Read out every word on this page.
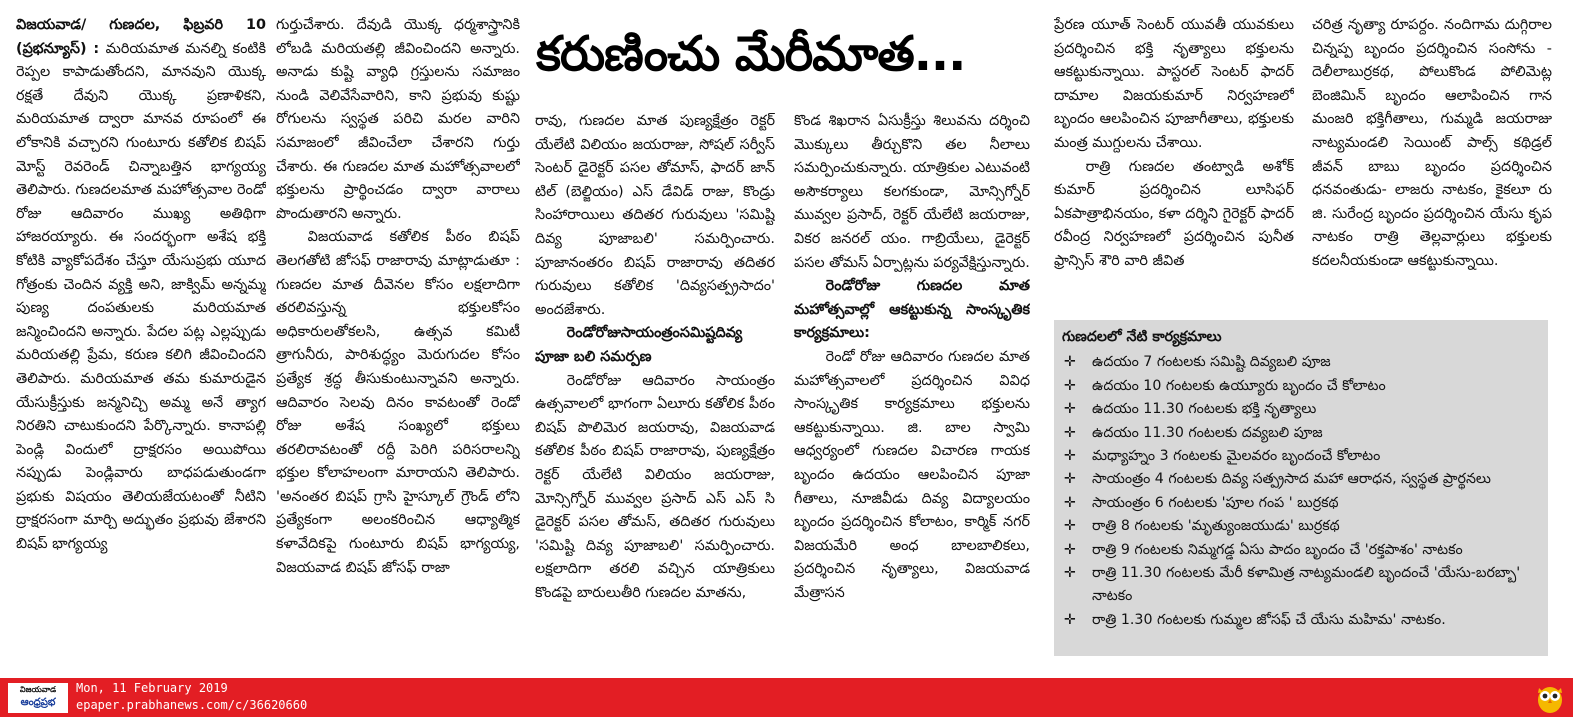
విజయవాడ/ గుణదల, ఫిబ్రవరి 10 (ప్రభన్యూస్) : మరియమాత మనల్ని కంటికి రెప్పల కాపాడుతోందని, మానవుని యొక్క రక్షతే దేవుని యొక్క ప్రణాళికని, మరియమాత ద్వారా మానవ రూపంలో ఈ లోకానికి వచ్చారని గుంటూరు కతోలిక బిషప్ మోస్ట్ రెవరెండ్ చిన్నాబత్తిన భాగ్యయ్య తెలిపారు. గుణదలమాత మహోత్సవాల రెండో రోజు ఆదివారం ముఖ్య అతిథిగా హాజరయ్యారు. ఈ సందర్భంగా అశేష భక్తి కోటికి వ్యాకోపదేశం చేస్తూ యేసుప్రభు యూద గోత్రంకు చెందిన వ్యక్తి అని, జాక్విమ్ అన్నమ్మ పుణ్య దంపతులకు మరియమాత జన్మించిందని అన్నారు. పేదల పట్ల ఎల్లప్పుడు మరియతల్లి ప్రేమ, కరుణ కలిగి జీవించిందని తెలిపారు. మరియమాత తమ కుమారుడైన యేసుక్రీస్తుకు జన్మనిచ్చి అమ్మ అనే త్యాగ నిరతిని చాటుకుందని పేర్కొన్నారు. కానాపల్లి పెండ్లి విందులో ద్రాక్షరసం అయిపోయి నప్పుడు పెండ్లివారు బాధపడుతుండగా ప్రభుకు విషయం తెలియజేయటంతో నీటిని ద్రాక్షరసంగా మార్చి అద్భుతం ప్రభువు జేశారని బిషప్ భాగ్యయ్య

గుర్తుచేశారు. దేవుడి యొక్క ధర్మశాస్త్రానికి లోబడి మరియతల్లి జీవించిందని అన్నారు. అనాడు కుష్టి వ్యాధి గ్రస్తులను సమాజం నుండి వెలివేసేవారిని, కాని ప్రభువు కుష్టు రోగులను స్వస్థత పరిచి మరల వారిని సమాజంలో జీవించేలా చేశారని గుర్తు చేశారు. ఈ గుణదల మాత మహోత్సవాలలో భక్తులను ప్రార్థించడం ద్వారా వారాలు పొందుతారని అన్నారు.

విజయవాడ కతోలిక పీఠం బిషప్ తెలగతోటి జోసఫ్ రాజారావు మాట్లాడుతూ : గుణదల మాత దీవెనల కోసం లక్షలాదిగా తరలివస్తున్న భక్తులకోసం అధికారులతోకలసి, ఉత్సవ కమిటీ త్రాగునీరు, పారిశుద్ధ్యం మెరుగుదల కోసం ప్రత్యేక శ్రద్ధ తీసుకుంటున్నావని అన్నారు. ఆదివారం సెలవు దినం కావటంతో రెండో రోజు అశేష సంఖ్యలో భక్తులు తరలిరావటంతో రద్దీ పెరిగి పరిసరాలన్ని భక్తుల కోలాహలంగా మారాయని తెలిపారు. 'అనంతర బిషప్ గ్రాసి హైస్కూల్ గ్రౌండ్ లోని ప్రత్యేకంగా అలంకరించిన ఆధ్యాత్మిక కళావేదికపై గుంటూరు బిషప్ భాగ్యయ్య, విజయవాడ బిషప్ జోసఫ్ రాజా

కరుణించు మేరీమాత...

రావు, గుణదల మాత పుణ్యక్షేత్రం రెక్టర్ యేలేటి విలియం జయరాజు, సోషల్ సర్వీస్ సెంటర్ డైరెక్టర్ పసల తోమాస్, ఫాదర్ జాన్ టిల్ (బెల్జియం) ఎస్ డేవిడ్ రాజు, కొండ్రు సింహారాయిలు తదితర గురువులు 'సమిష్టి దివ్య పూజాబలి' సమర్పించారు. పూజానంతరం బిషప్ రాజారావు తదితర గురువులు కతోలిక 'దివ్యసత్ప్రసాదం' అందజేశారు.

రెండోరోజుసాయంత్రంసమిష్టదివ్య పూజా బలి సమర్పణ

రెండోరోజు ఆదివారం సాయంత్రం ఉత్సవాలలో భాగంగా ఏలూరు కతోలిక పీఠం బిషప్ పొలిమెర జయరావు, విజయవాడ కతోలిక పీఠం బిషప్ రాజారావు, పుణ్యక్షేత్రం రెక్టర్ యేలేటి విలియం జయరాజు, మోన్సిగ్నోర్ మువ్వల ప్రసాద్ ఎస్ ఎస్ సి డైరెక్టర్ పసల తోమస్, తదితర గురువులు 'సమిష్టి దివ్య పూజాబలి' సమర్పించారు. లక్షలాదిగా తరలి వచ్చిన యాత్రికులు కొండపై బారులుతీరి గుణదల మాతను,

కొండ శిఖరాన ఏసుక్రీస్తు శిలువను దర్శించి మొక్కులు తీర్చుకొని తల నీలాలు సమర్పించుకున్నారు. యాత్రికుల ఎటువంటి అసౌకర్యాలు కలగకుండా, మోన్సిగ్నోర్ మువ్వల ప్రసాద్, రెక్టర్ యేలేటి జయరాజు, వికర జనరల్ యం. గాబ్రియేలు, డైరెక్టర్ పసల తోమస్ ఏర్పాట్లను పర్యవేక్షిస్తున్నారు.

రెండోరోజు గుణదల మాత మహోత్సవాల్లో ఆకట్టుకున్న సాంస్కృతిక కార్యక్రమాలు:

రెండో రోజు ఆదివారం గుణదల మాత మహోత్సవాలలో ప్రదర్శించిన వివిధ సాంస్కృతిక కార్యక్రమాలు భక్తులను ఆకట్టుకున్నాయి. జి. బాల స్వామి ఆధ్వర్యంలో గుణదల విచారణ గాయక బృందం ఉదయం ఆలపించిన పూజా గీతాలు, నూజివీడు దివ్య విద్యాలయం బృందం ప్రదర్శించిన కోలాటం, కార్మిక్ నగర్ విజయమేరి అంధ బాలబాలికలు, ప్రదర్శించిన నృత్యాలు, విజయవాడ మేత్రాసన

ప్రేరణ యూత్ సెంటర్ యువతీ యువకులు ప్రదర్శించిన భక్తి నృత్యాలు భక్తులను ఆకట్టుకున్నాయి. పాస్టరల్ సెంటర్ ఫాదర్ దామాల విజయకుమార్ నిర్వహణలో బృందం ఆలపించిన పూజాగీతాలు, భక్తులకు మంత్ర ముగ్దులను చేశాయి.

రాత్రి గుణదల తంట్వాడి అశోక్ కుమార్ ప్రదర్శించిన లూసిఫర్ ఏకపాత్రాభినయం, కళా దర్శిని గైరెక్టర్ ఫాదర్ రవీంద్ర నిర్వహణలో ప్రదర్శించిన పునీత ఫ్రాన్సిస్ శౌరి వారి జీవిత

చరిత్ర నృత్యా రూపర్దం. నందిగామ దుగ్గిరాల చిన్నప్ప బృందం ప్రదర్శించిన సంసోను - దెలీలాబుర్రకథ, పోలుకొండ పోలిమెట్ల బెంజిమిన్ బృందం ఆలాపించిన గాన మంజరి భక్తిగీతాలు, గుమ్మడి జయరాజు నాట్యమండలి సెయింట్ పాల్స్ కథిడ్రల్ జీవన్ బాబు బృందం ప్రదర్శించిన ధనవంతుడు- లాజరు నాటకం, కైకలూ రు జి. సురేంద్ర బృందం ప్రదర్శించిన యేసు కృప నాటకం రాత్రి తెల్లవార్లులు భక్తులకు కదలనీయకుండా ఆకట్టుకున్నాయి.

గుణదలలో నేటి కార్యక్రమాలు
✛ ఉదయం 7 గంటలకు సమిష్టి దివ్యబలి పూజ
✛ ఉదయం 10 గంటలకు ఉయ్యూరు బృందం చే కోలాటం
✛ ఉదయం 11.30 గంటలకు భక్తి నృత్యాలు
✛ ఉదయం 11.30 గంటలకు దవ్యబలి పూజ
✛ మధ్యాహ్నం 3 గంటలకు మైలవరం బృందంచే కోలాటం
✛ సాయంత్రం 4 గంటలకు దివ్య సత్ప్రసాద మహా ఆరాధన, స్వస్థత ప్రార్థనలు
✛ సాయంత్రం 6 గంటలకు 'పూల గంప ' బుర్రకథ
✛ రాత్రి 8 గంటలకు 'మృత్యుంజయుడు' బుర్రకథ
✛ రాత్రి 9 గంటలకు నిమ్మగడ్డ ఏసు పాదం బృందం చే 'రక్తపాశం' నాటకం
✛ రాత్రి 11.30 గంటలకు మేరీ కళామిత్ర నాట్యమండలి బృందంచే 'యేసు-బరబ్బా' నాటకం
✛ రాత్రి 1.30 గంటలకు గుమ్మల జోసఫ్ చే యేసు మహిమ' నాటకం.
విజయవాడ
ఆంధ్రప్రభ
Mon, 11 February 2019
epaper.prabhanews.com/c/36620660
